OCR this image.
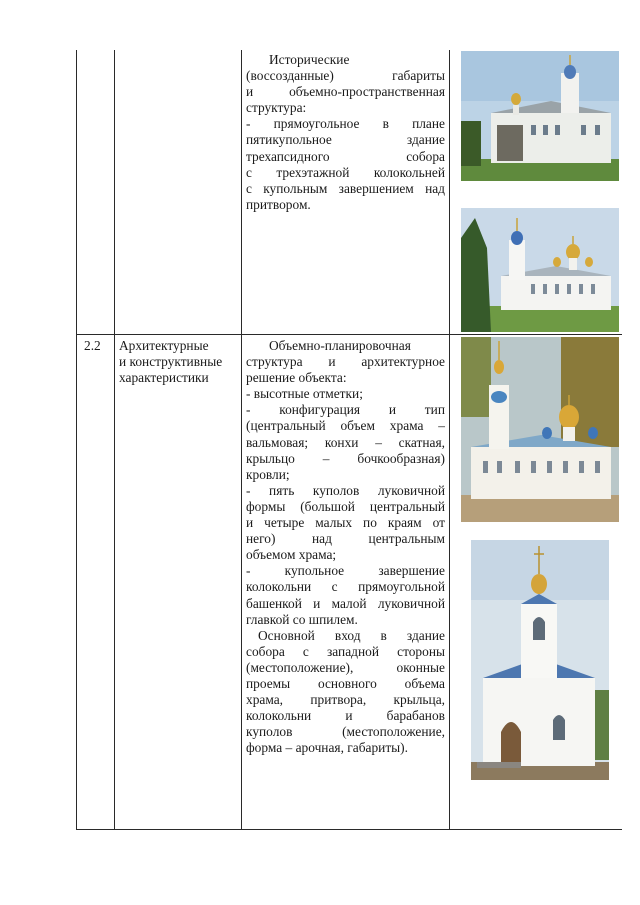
Исторические
(воссозданные) габариты
и объемно-пространственная
структура:
- прямоугольное в плане
пятикупольное здание
трехапсидного собора
с трехэтажной колокольней
с купольным завершением над
притвором.
2.2 Архитектурные
и конструктивные
характеристики
Объемно-планировочная
структура и архитектурное
решение объекта:
- высотные отметки;
- конфигурация и тип
(центральный объем храма –
вальмовая; конхи – скатная,
крыльцо – бочкообразная)
кровли;
- пять куполов луковичной
формы (большой центральный
и четыре малых по краям от
него) над центральным
объемом храма;
- купольное завершение
колокольни с прямоугольной
башенкой и малой луковичной
главкой со шпилем.
Основной вход в здание
собора с западной стороны
(местоположение), оконные
проемы основного объема
храма, притвора, крыльца,
колокольни и барабанов
куполов (местоположение,
форма – арочная, габариты).
